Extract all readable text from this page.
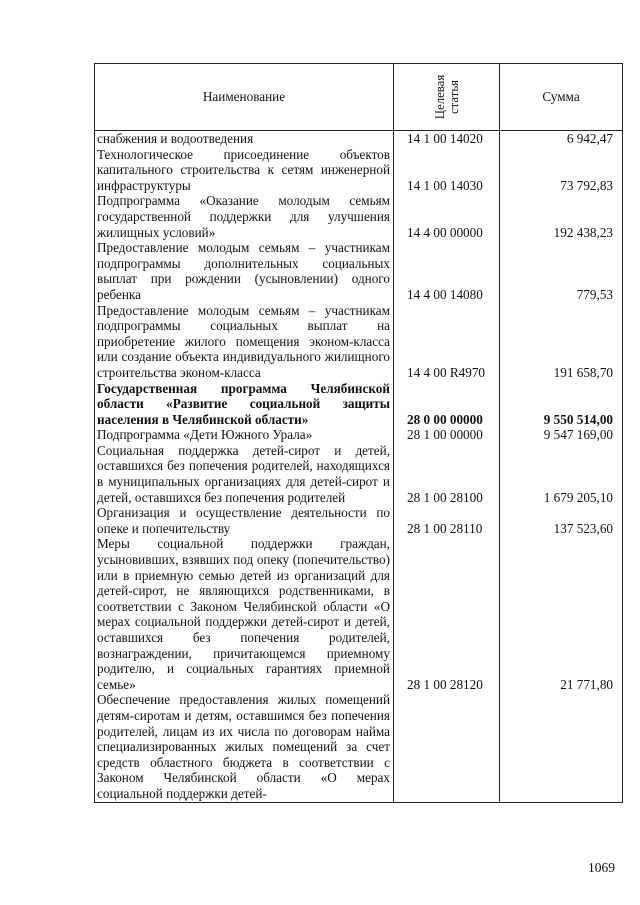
Наименование	Целевая статья	Сумма
снабжения и водоотведения	14 1 00 14020	6 942,47
Технологическое присоединение объектов капитального строительства к сетям инженерной инфраструктуры	14 1 00 14030	73 792,83
Подпрограмма «Оказание молодым семьям государственной поддержки для улучшения жилищных условий»	14 4 00 00000	192 438,23
Предоставление молодым семьям – участникам подпрограммы дополнительных социальных выплат при рождении (усыновлении) одного ребенка	14 4 00 14080	779,53
Предоставление молодым семьям – участникам подпрограммы социальных выплат на приобретение жилого помещения эконом-класса или создание объекта индивидуального жилищного строительства эконом-класса	14 4 00 R4970	191 658,70
Государственная программа Челябинской области «Развитие социальной защиты населения в Челябинской области»	28 0 00 00000	9 550 514,00
Подпрограмма «Дети Южного Урала»	28 1 00 00000	9 547 169,00
Социальная поддержка детей-сирот и детей, оставшихся без попечения родителей, находящихся в муниципальных организациях для детей-сирот и детей, оставшихся без попечения родителей	28 1 00 28100	1 679 205,10
Организация и осуществление деятельности по опеке и попечительству	28 1 00 28110	137 523,60
Меры социальной поддержки граждан, усыновивших, взявших под опеку (попечительство) или в приемную семью детей из организаций для детей-сирот, не являющихся родственниками, в соответствии с Законом Челябинской области «О мерах социальной поддержки детей-сирот и детей, оставшихся без попечения родителей, вознаграждении, причитающемся приемному родителю, и социальных гарантиях приемной семье»	28 1 00 28120	21 771,80
Обеспечение предоставления жилых помещений детям-сиротам и детям, оставшимся без попечения родителей, лицам из их числа по договорам найма специализированных жилых помещений за счет средств областного бюджета в соответствии с Законом Челябинской области «О мерах социальной поддержки детей-		
1069
